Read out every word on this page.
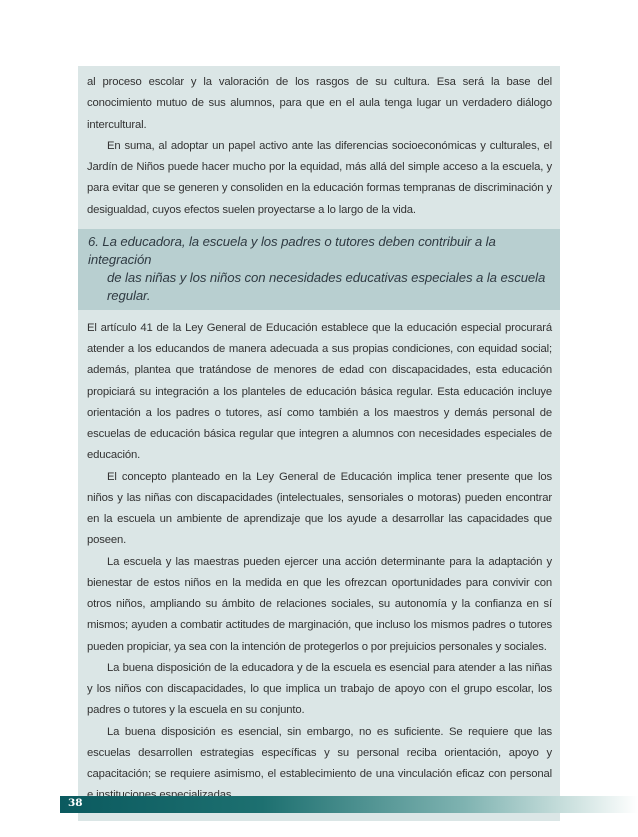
al proceso escolar y la valoración de los rasgos de su cultura. Esa será la base del conocimiento mutuo de sus alumnos, para que en el aula tenga lugar un verdadero diálogo intercultural.

En suma, al adoptar un papel activo ante las diferencias socioeconómicas y culturales, el Jardín de Niños puede hacer mucho por la equidad, más allá del simple acceso a la escuela, y para evitar que se generen y consoliden en la educación formas tempranas de discriminación y desigualdad, cuyos efectos suelen proyectarse a lo largo de la vida.

6. La educadora, la escuela y los padres o tutores deben contribuir a la integración
de las niñas y los niños con necesidades educativas especiales a la escuela regular.

El artículo 41 de la Ley General de Educación establece que la educación especial procurará atender a los educandos de manera adecuada a sus propias condiciones, con equidad social; además, plantea que tratándose de menores de edad con discapacidades, esta educación propiciará su integración a los planteles de educación básica regular. Esta educación incluye orientación a los padres o tutores, así como también a los maestros y demás personal de escuelas de educación básica regular que integren a alumnos con necesidades especiales de educación.

El concepto planteado en la Ley General de Educación implica tener presente que los niños y las niñas con discapacidades (intelectuales, sensoriales o motoras) pueden encontrar en la escuela un ambiente de aprendizaje que los ayude a desarrollar las capacidades que poseen.

La escuela y las maestras pueden ejercer una acción determinante para la adaptación y bienestar de estos niños en la medida en que les ofrezcan oportunidades para convivir con otros niños, ampliando su ámbito de relaciones sociales, su autonomía y la confianza en sí mismos; ayuden a combatir actitudes de marginación, que incluso los mismos padres o tutores pueden propiciar, ya sea con la intención de protegerlos o por prejuicios personales y sociales.

La buena disposición de la educadora y de la escuela es esencial para atender a las niñas y los niños con discapacidades, lo que implica un trabajo de apoyo con el grupo escolar, los padres o tutores y la escuela en su conjunto.

La buena disposición es esencial, sin embargo, no es suficiente. Se requiere que las escuelas desarrollen estrategias específicas y su personal reciba orientación, apoyo y capacitación; se requiere asimismo, el establecimiento de una vinculación eficaz con personal

38
